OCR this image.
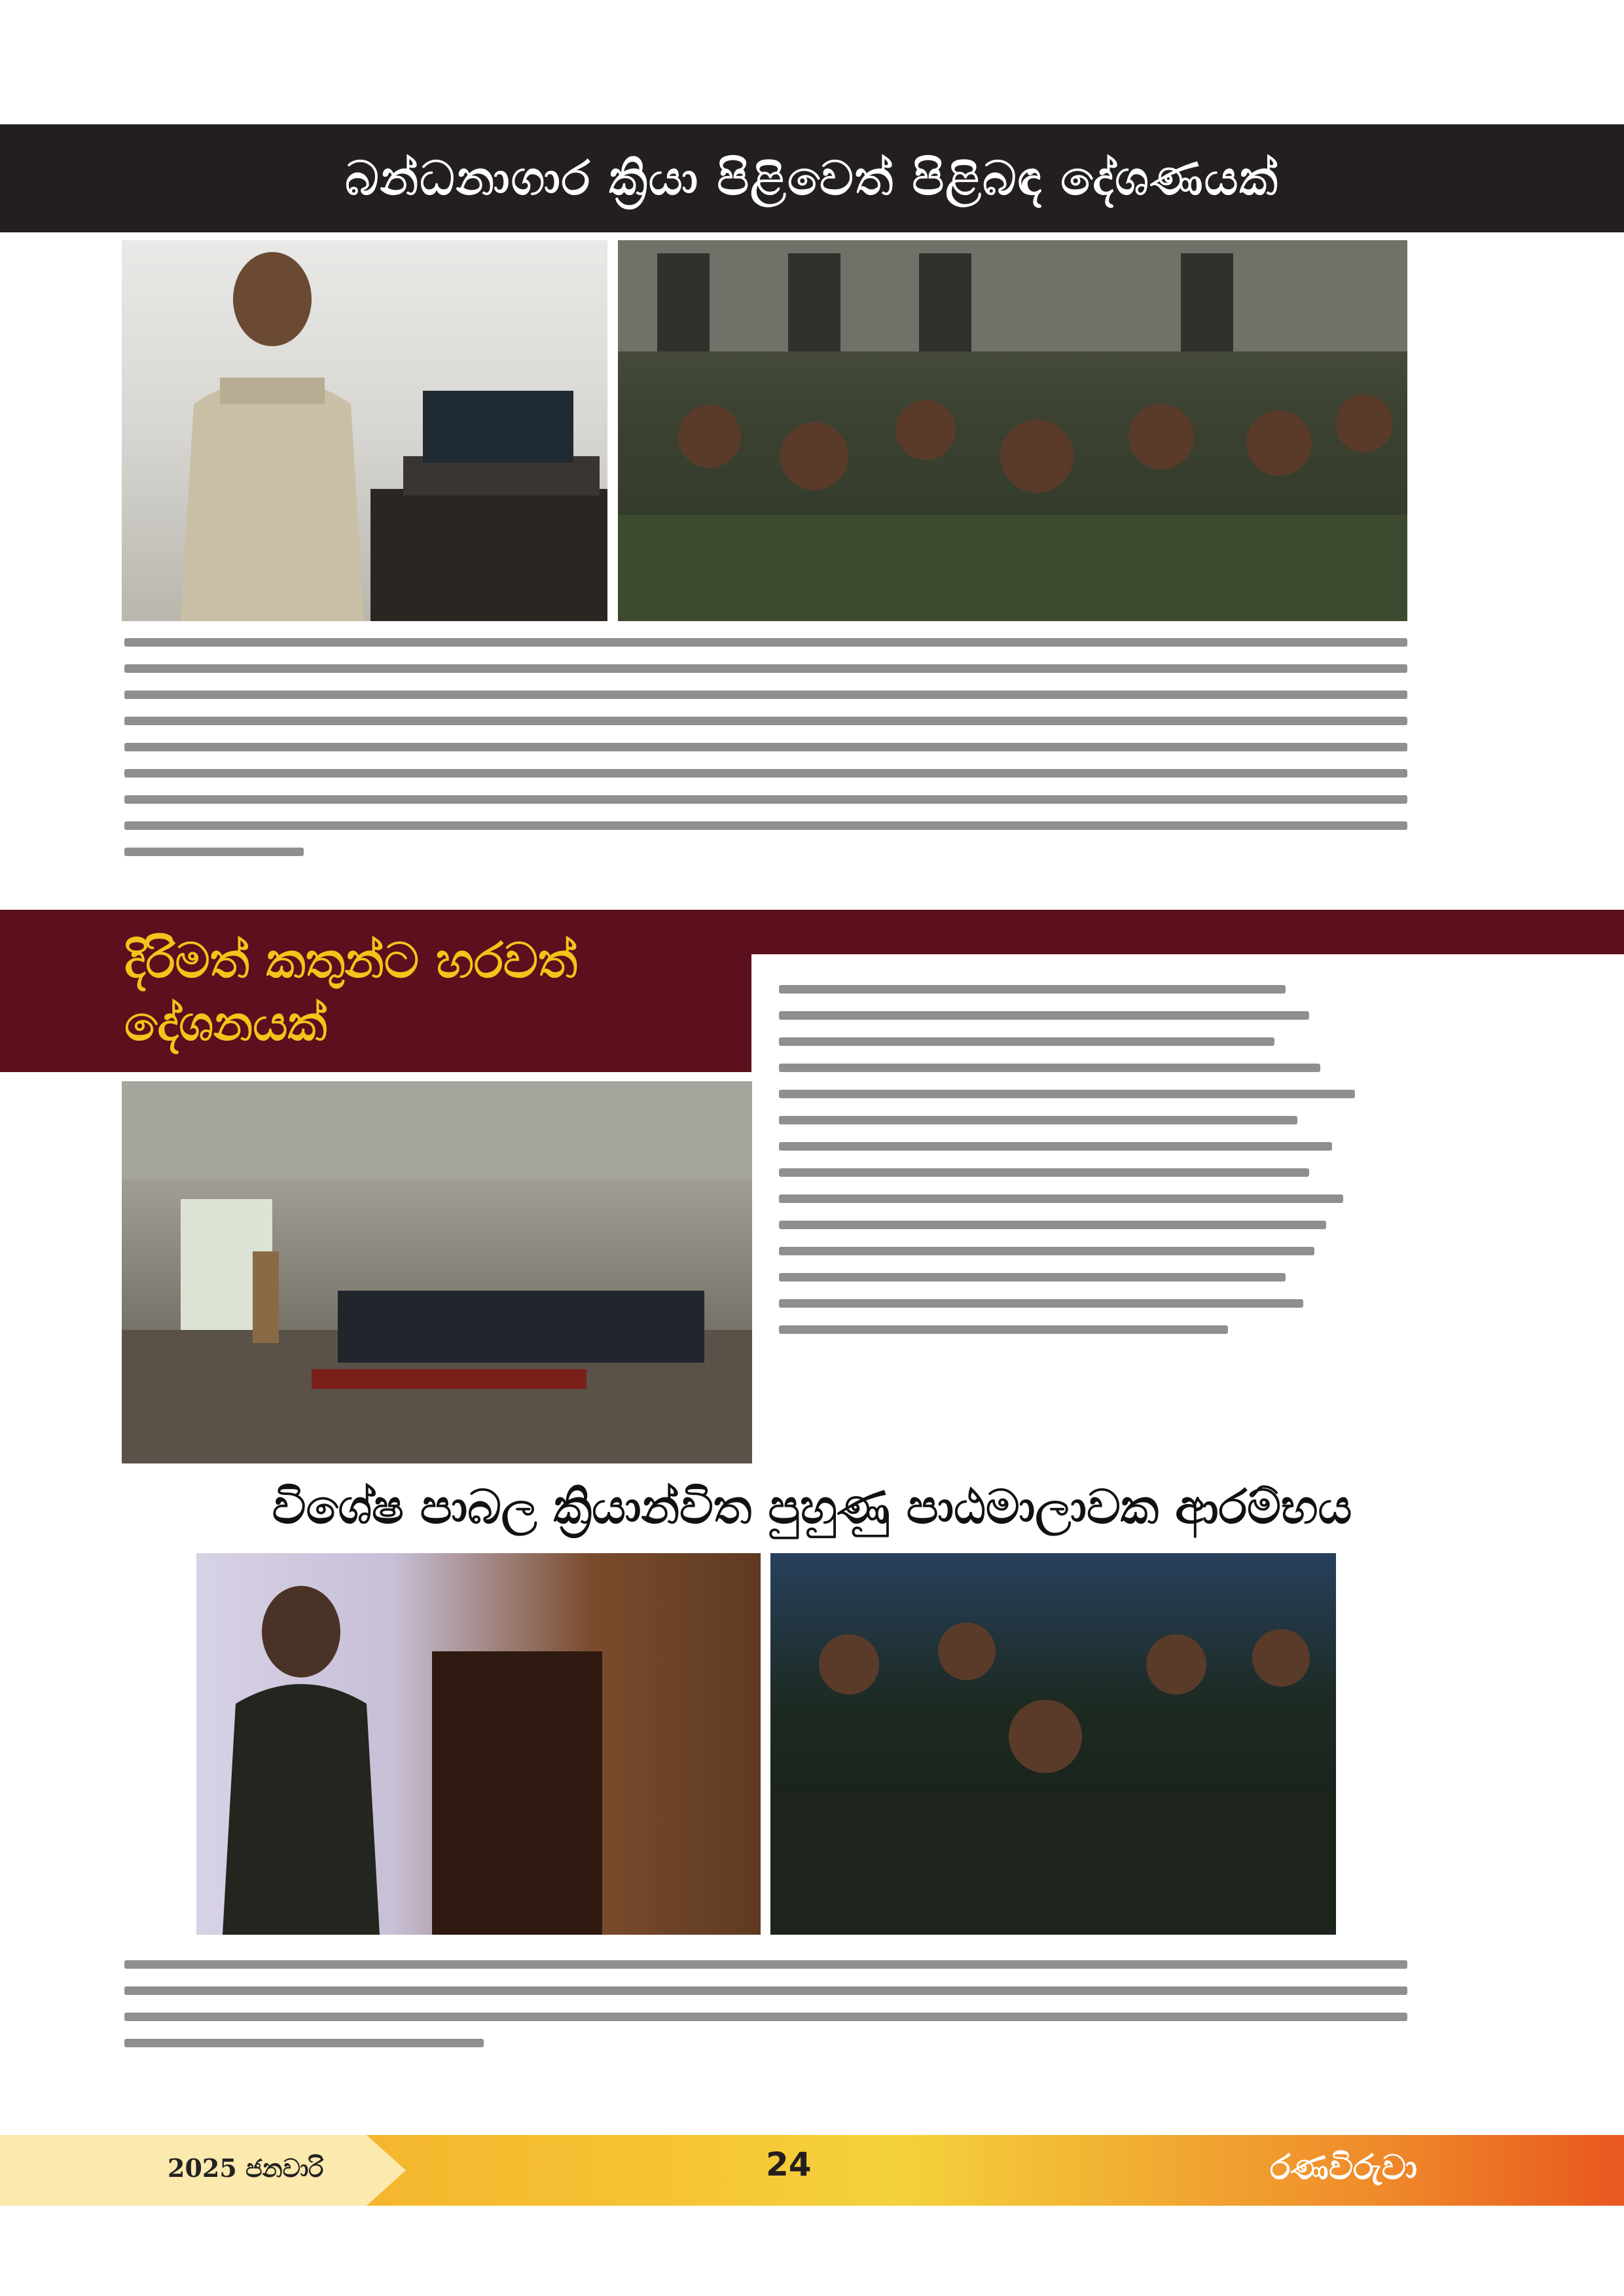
බන්ධනාගාර ක්‍රියා පිළිවෙත් පිළිබඳ දේශණයක්
දිරිමත් කතුන්ට හරවත් දේශනයක්
විශේෂ පාබල ක්‍රියාන්විත පුහුණු පාඨමාලාවක ආරම්භය
2025 ජනවාරි	24	රණවිරුවා
